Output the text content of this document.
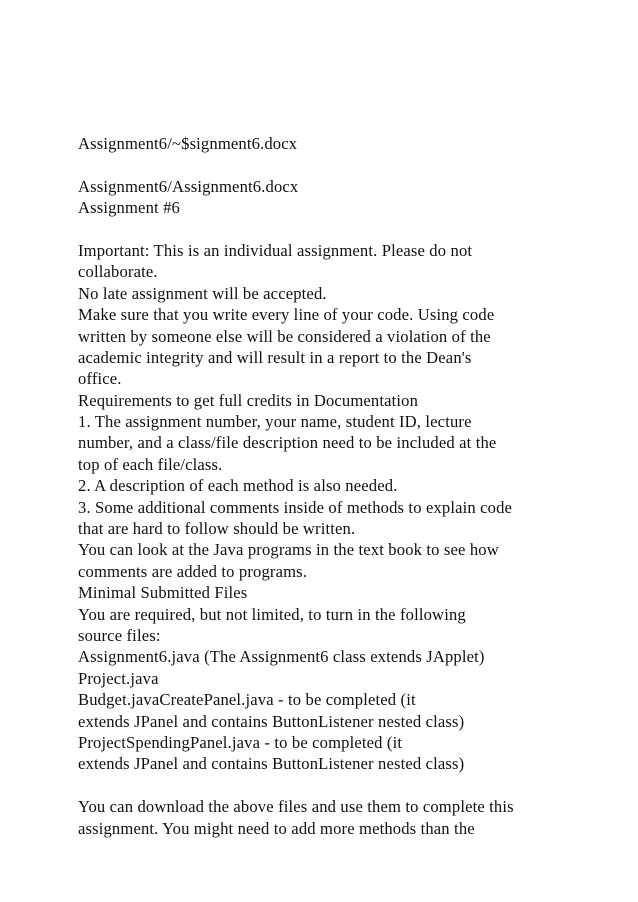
Assignment6/~$signment6.docx
Assignment6/Assignment6.docx
Assignment #6
Important: This is an individual assignment. Please do not
collaborate.
No late assignment will be accepted.
Make sure that you write every line of your code. Using code
written by someone else will be considered a violation of the
academic integrity and will result in a report to the Dean's
office.
Requirements to get full credits in Documentation
1. The assignment number, your name, student ID, lecture
number, and a class/file description need to be included at the
top of each file/class.
2. A description of each method is also needed.
3. Some additional comments inside of methods to explain code
that are hard to follow should be written.
You can look at the Java programs in the text book to see how
comments are added to programs.
Minimal Submitted Files
You are required, but not limited, to turn in the following
source files:
Assignment6.java (The Assignment6 class extends JApplet)
Project.java
Budget.javaCreatePanel.java - to be completed (it
extends JPanel and contains ButtonListener nested class)
ProjectSpendingPanel.java - to be completed (it
extends JPanel and contains ButtonListener nested class)
You can download the above files and use them to complete this
assignment. You might need to add more methods than the
